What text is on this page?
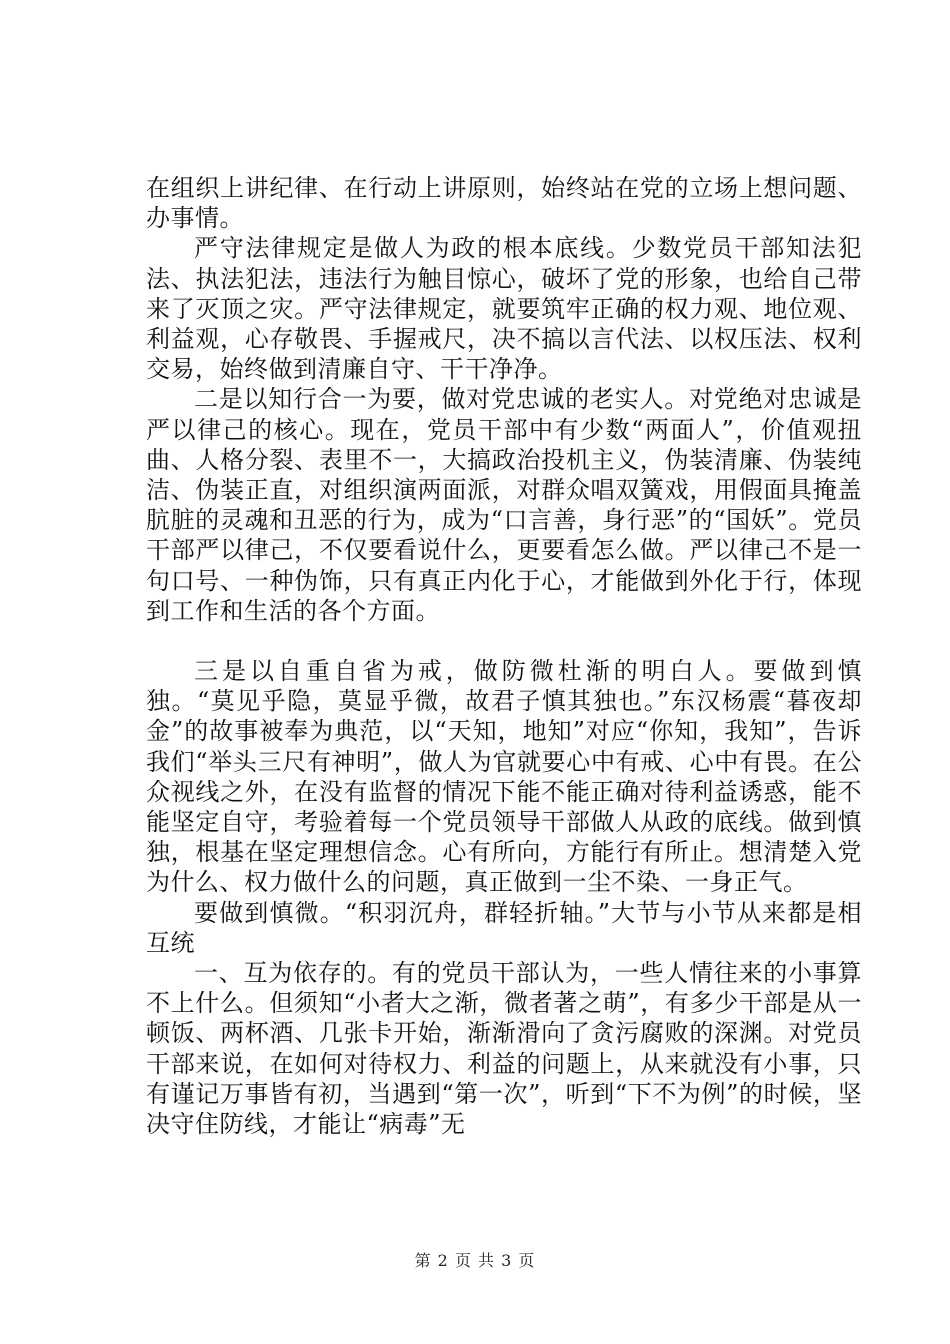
在组织上讲纪律、在行动上讲原则，始终站在党的立场上想问题、办事情。

严守法律规定是做人为政的根本底线。少数党员干部知法犯法、执法犯法，违法行为触目惊心，破坏了党的形象，也给自己带来了灭顶之灾。严守法律规定，就要筑牢正确的权力观、地位观、利益观，心存敬畏、手握戒尺，决不搞以言代法、以权压法、权利交易，始终做到清廉自守、干干净净。

二是以知行合一为要，做对党忠诚的老实人。对党绝对忠诚是严以律己的核心。现在，党员干部中有少数“两面人”，价值观扭曲、人格分裂、表里不一，大搞政治投机主义，伪装清廉、伪装纯洁、伪装正直，对组织演两面派，对群众唱双簧戏，用假面具掩盖肮脏的灵魂和丑恶的行为，成为“口言善，身行恶”的“国妖”。党员干部严以律己，不仅要看说什么，更要看怎么做。严以律己不是一句口号、一种伪饰，只有真正内化于心，才能做到外化于行，体现到工作和生活的各个方面。

三是以自重自省为戒，做防微杜渐的明白人。要做到慎独。“莫见乎隐，莫显乎微，故君子慎其独也。”东汉杨震“暮夜却金”的故事被奉为典范，以“天知，地知”对应“你知，我知”，告诉我们“举头三尺有神明”，做人为官就要心中有戒、心中有畏。在公众视线之外，在没有监督的情况下能不能正确对待利益诱惑，能不能坚定自守，考验着每一个党员领导干部做人从政的底线。做到慎独，根基在坚定理想信念。心有所向，方能行有所止。想清楚入党为什么、权力做什么的问题，真正做到一尘不染、一身正气。

要做到慎微。“积羽沉舟，群轻折轴。”大节与小节从来都是相互统

一、互为依存的。有的党员干部认为，一些人情往来的小事算不上什么。但须知“小者大之渐，微者著之萌”，有多少干部是从一顿饭、两杯酒、几张卡开始，渐渐滑向了贪污腐败的深渊。对党员干部来说，在如何对待权力、利益的问题上，从来就没有小事，只有谨记万事皆有初，当遇到“第一次”，听到“下不为例”的时候，坚决守住防线，才能让“病毒”无

第 2 页 共 3 页
